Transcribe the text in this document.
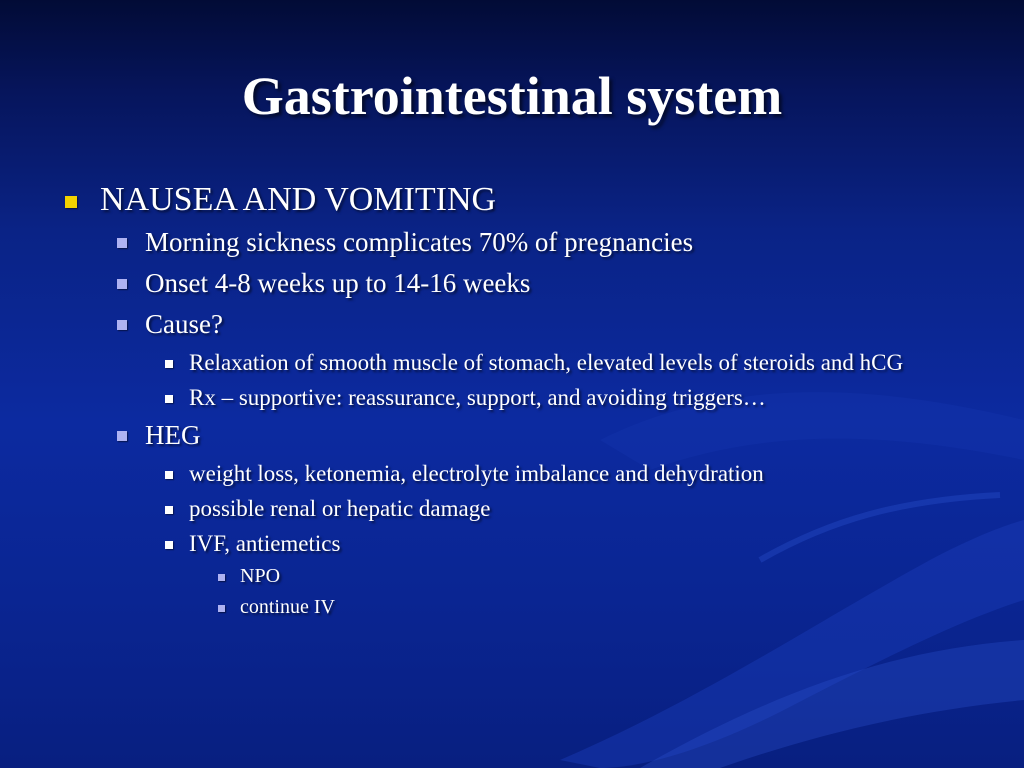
Gastrointestinal system
NAUSEA AND VOMITING
Morning sickness complicates 70% of pregnancies
Onset 4-8 weeks up to 14-16 weeks
Cause?
Relaxation of smooth muscle of stomach, elevated levels of steroids and hCG
Rx – supportive: reassurance, support, and avoiding triggers…
HEG
weight loss, ketonemia, electrolyte imbalance and dehydration
possible renal or hepatic damage
IVF, antiemetics
NPO
continue IV
